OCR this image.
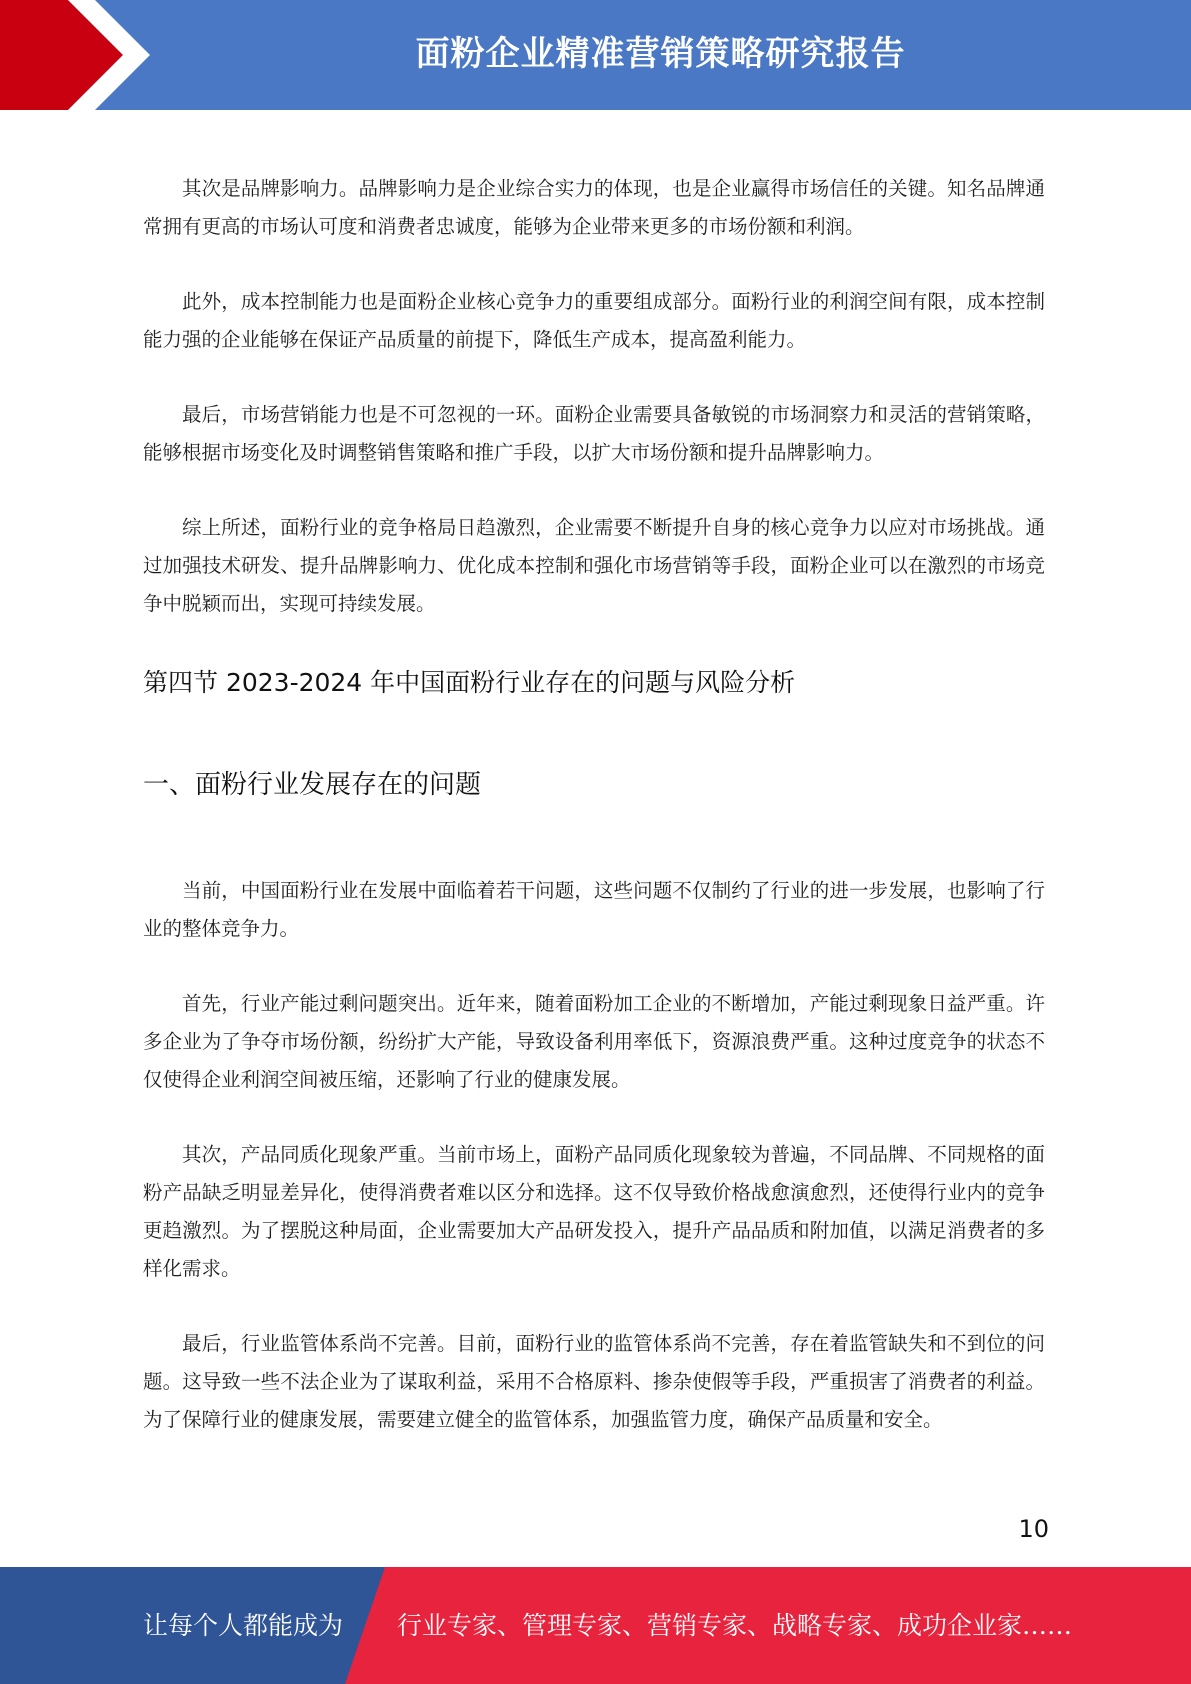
面粉企业精准营销策略研究报告

其次是品牌影响力。品牌影响力是企业综合实力的体现，也是企业赢得市场信任的关键。知名品牌通常拥有更高的市场认可度和消费者忠诚度，能够为企业带来更多的市场份额和利润。

此外，成本控制能力也是面粉企业核心竞争力的重要组成部分。面粉行业的利润空间有限，成本控制能力强的企业能够在保证产品质量的前提下，降低生产成本，提高盈利能力。

最后，市场营销能力也是不可忽视的一环。面粉企业需要具备敏锐的市场洞察力和灵活的营销策略，能够根据市场变化及时调整销售策略和推广手段，以扩大市场份额和提升品牌影响力。

综上所述，面粉行业的竞争格局日趋激烈，企业需要不断提升自身的核心竞争力以应对市场挑战。通过加强技术研发、提升品牌影响力、优化成本控制和强化市场营销等手段，面粉企业可以在激烈的市场竞争中脱颖而出，实现可持续发展。

第四节 2023-2024 年中国面粉行业存在的问题与风险分析
一、面粉行业发展存在的问题

当前，中国面粉行业在发展中面临着若干问题，这些问题不仅制约了行业的进一步发展，也影响了行业的整体竞争力。

首先，行业产能过剩问题突出。近年来，随着面粉加工企业的不断增加，产能过剩现象日益严重。许多企业为了争夺市场份额，纷纷扩大产能，导致设备利用率低下，资源浪费严重。这种过度竞争的状态不仅使得企业利润空间被压缩，还影响了行业的健康发展。

其次，产品同质化现象严重。当前市场上，面粉产品同质化现象较为普遍，不同品牌、不同规格的面粉产品缺乏明显差异化，使得消费者难以区分和选择。这不仅导致价格战愈演愈烈，还使得行业内的竞争更趋激烈。为了摆脱这种局面，企业需要加大产品研发投入，提升产品品质和附加值，以满足消费者的多样化需求。

最后，行业监管体系尚不完善。目前，面粉行业的监管体系尚不完善，存在着监管缺失和不到位的问题。这导致一些不法企业为了谋取利益，采用不合格原料、掺杂使假等手段，严重损害了消费者的利益。为了保障行业的健康发展，需要建立健全的监管体系，加强监管力度，确保产品质量和安全。

10
让每个人都能成为 行业专家、管理专家、营销专家、战略专家、成功企业家……
